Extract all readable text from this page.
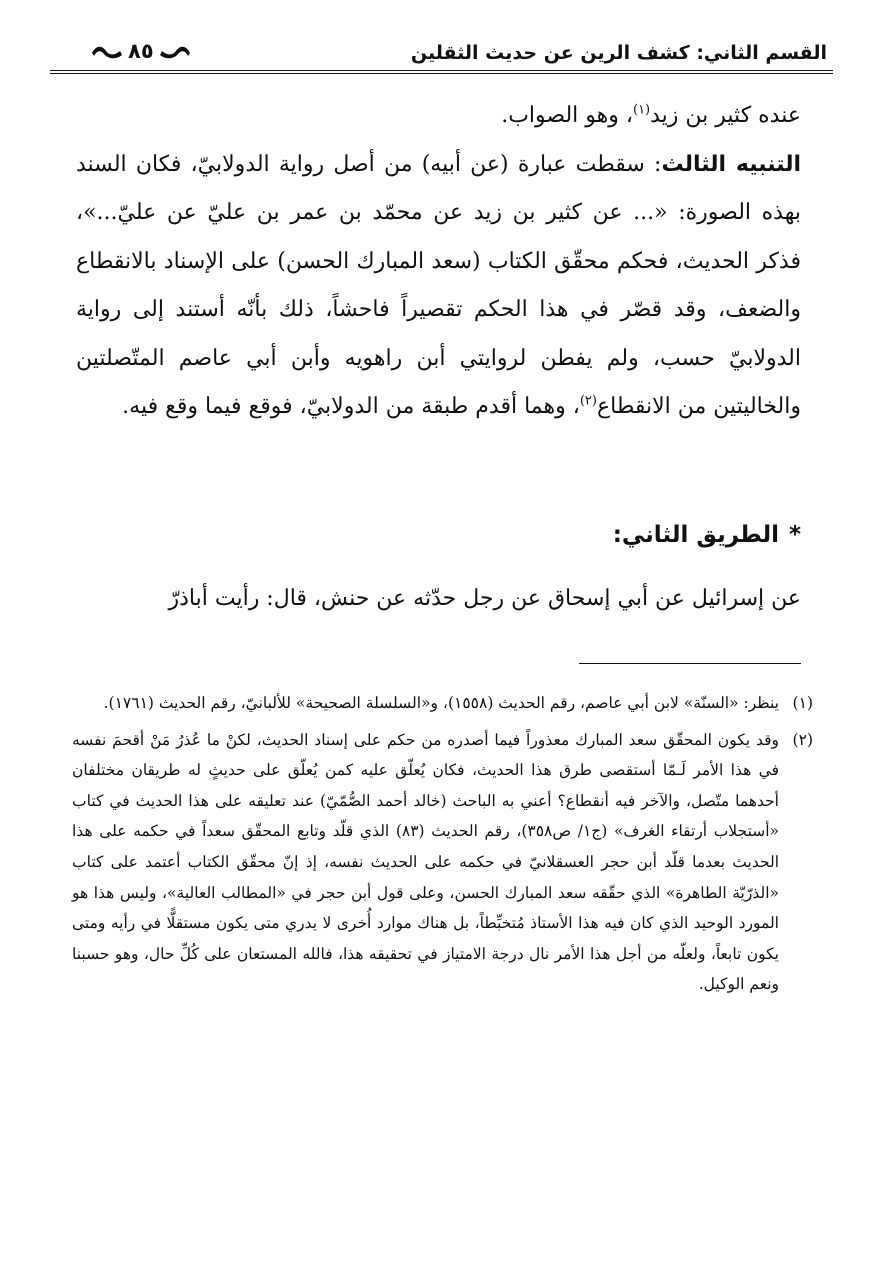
القسم الثاني: كشف الرين عن حديث الثقلين
٨٥

عنده كثير بن زيد$^{(١)}$، وهو الصواب.

التنبيه الثالث: سقطت عبارة (عن أبيه) من أصل رواية الدولابيّ، فكان السند بهذه الصورة: «... عن كثير بن زيد عن محمّد بن عمر بن عليّ عن عليّ...»، فذكر الحديث، فحكم محقّق الكتاب (سعد المبارك الحسن) على الإسناد بالانقطاع والضعف، وقد قصّر في هذا الحكم تقصيراً فاحشاً، ذلك بأنّه أستند إلى رواية الدولابيّ حسب، ولم يفطن لروايتي أبن راهويه وأبن أبي عاصم المتّصلتين والخاليتين من الانقطاع$^{(٢)}$، وهما أقدم طبقة من الدولابيّ، فوقع فيما وقع فيه.

*الطريق الثاني:
عن إسرائيل عن أبي إسحاق عن رجل حدّثه عن حنش، قال: رأيت أباذرّ

(١)ينظر: «السنّة» لابن أبي عاصم، رقم الحديث (١٥٥٨)، و«السلسلة الصحيحة» للألبانيّ، رقم الحديث (١٧٦١).

(٢)وقد يكون المحقّق سعد المبارك معذوراً فيما أصدره من حكم على إسناد الحديث، لكنْ ما عُذرُ مَنْ أقحمَ نفسه في هذا الأمر لَـمّا أستقصى طرق هذا الحديث، فكان يُعلّق عليه كمن يُعلّق على حديثٍ له طريقان مختلفان أحدهما متّصل، والآخر فيه أنقطاع؟ أعني به الباحث (خالد أحمد الصُّمّيّ) عند تعليقه على هذا الحديث في كتاب «أستجلاب أرتقاء الغرف» (ج١/ ص٣٥٨)، رقم الحديث (٨٣) الذي قلّد وتابع المحقّق سعداً في حكمه على هذا الحديث بعدما قلّد أبن حجر العسقلانيّ في حكمه على الحديث نفسه، إذ إنّ محقّق الكتاب أعتمد على كتاب «الذرّيّة الطاهرة» الذي حقّقه سعد المبارك الحسن، وعلى قول أبن حجر في «المطالب العالية»، وليس هذا هو المورد الوحيد الذي كان فيه هذا الأستاذ مُتخبِّطاً، بل هناك موارد أُخرى لا يدري متى يكون مستقلًّا في رأيه ومتى يكون تابعاً، ولعلّه من أجل هذا الأمر نال درجة الامتياز في تحقيقه هذا، فالله المستعان على كُلِّ حال، وهو حسبنا ونعم الوكيل.
